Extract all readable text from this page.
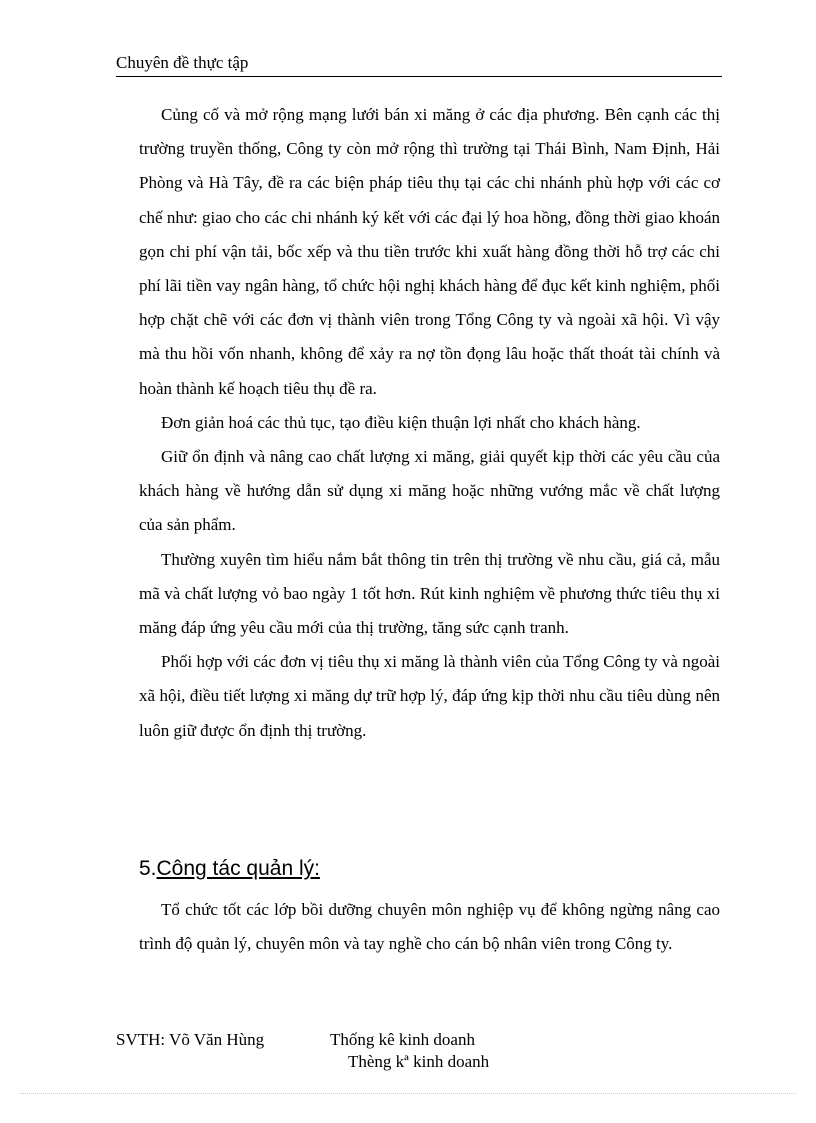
Chuyên đề thực tập

Củng cố và mở rộng mạng lưới bán xi măng ở các địa phương. Bên cạnh các thị trường truyền thống, Công ty còn mở rộng thì trường tại Thái Bình, Nam Định, Hải Phòng và Hà Tây, đề ra các biện pháp tiêu thụ tại các chi nhánh phù hợp với các cơ chế như: giao cho các chi nhánh ký kết với các đại lý hoa hồng, đồng thời giao khoán gọn chi phí vận tải, bốc xếp và thu tiền trước khi xuất hàng đồng thời hỗ trợ các chi phí lãi tiền vay ngân hàng, tổ chức hội nghị khách hàng để đục kết kinh nghiệm, phối hợp chặt chẽ với các đơn vị thành viên trong Tổng Công ty và ngoài xã hội. Vì vậy mà thu hồi vốn nhanh, không để xảy ra nợ tồn đọng lâu hoặc thất thoát tài chính và hoàn thành kế hoạch tiêu thụ đề ra.

Đơn giản hoá các thủ tục, tạo điều kiện thuận lợi nhất cho khách hàng.

Giữ ổn định và nâng cao chất lượng xi măng, giải quyết kịp thời các yêu cầu của khách hàng về hướng dẫn sử dụng xi măng hoặc những vướng mắc về chất lượng của sản phẩm.

Thường xuyên tìm hiểu nắm bắt thông tin trên thị trường về nhu cầu, giá cả, mẫu mã và chất lượng vỏ bao ngày 1 tốt hơn. Rút kinh nghiệm về phương thức tiêu thụ xi măng đáp ứng yêu cầu mới của thị trường, tăng sức cạnh tranh.

Phối hợp với các đơn vị tiêu thụ xi măng là thành viên của Tổng Công ty và ngoài xã hội, điều tiết lượng xi măng dự trữ hợp lý, đáp ứng kịp thời nhu cầu tiêu dùng nên luôn giữ được ổn định thị trường.

5.Công tác quản lý:

Tổ chức tốt các lớp bồi dưỡng chuyên môn nghiệp vụ để không ngừng nâng cao trình độ quản lý, chuyên môn và tay nghề cho cán bộ nhân viên trong Công ty.

SVTH: Võ Văn Hùng	Thống kê kinh doanh
Thèng kª kinh doanh
